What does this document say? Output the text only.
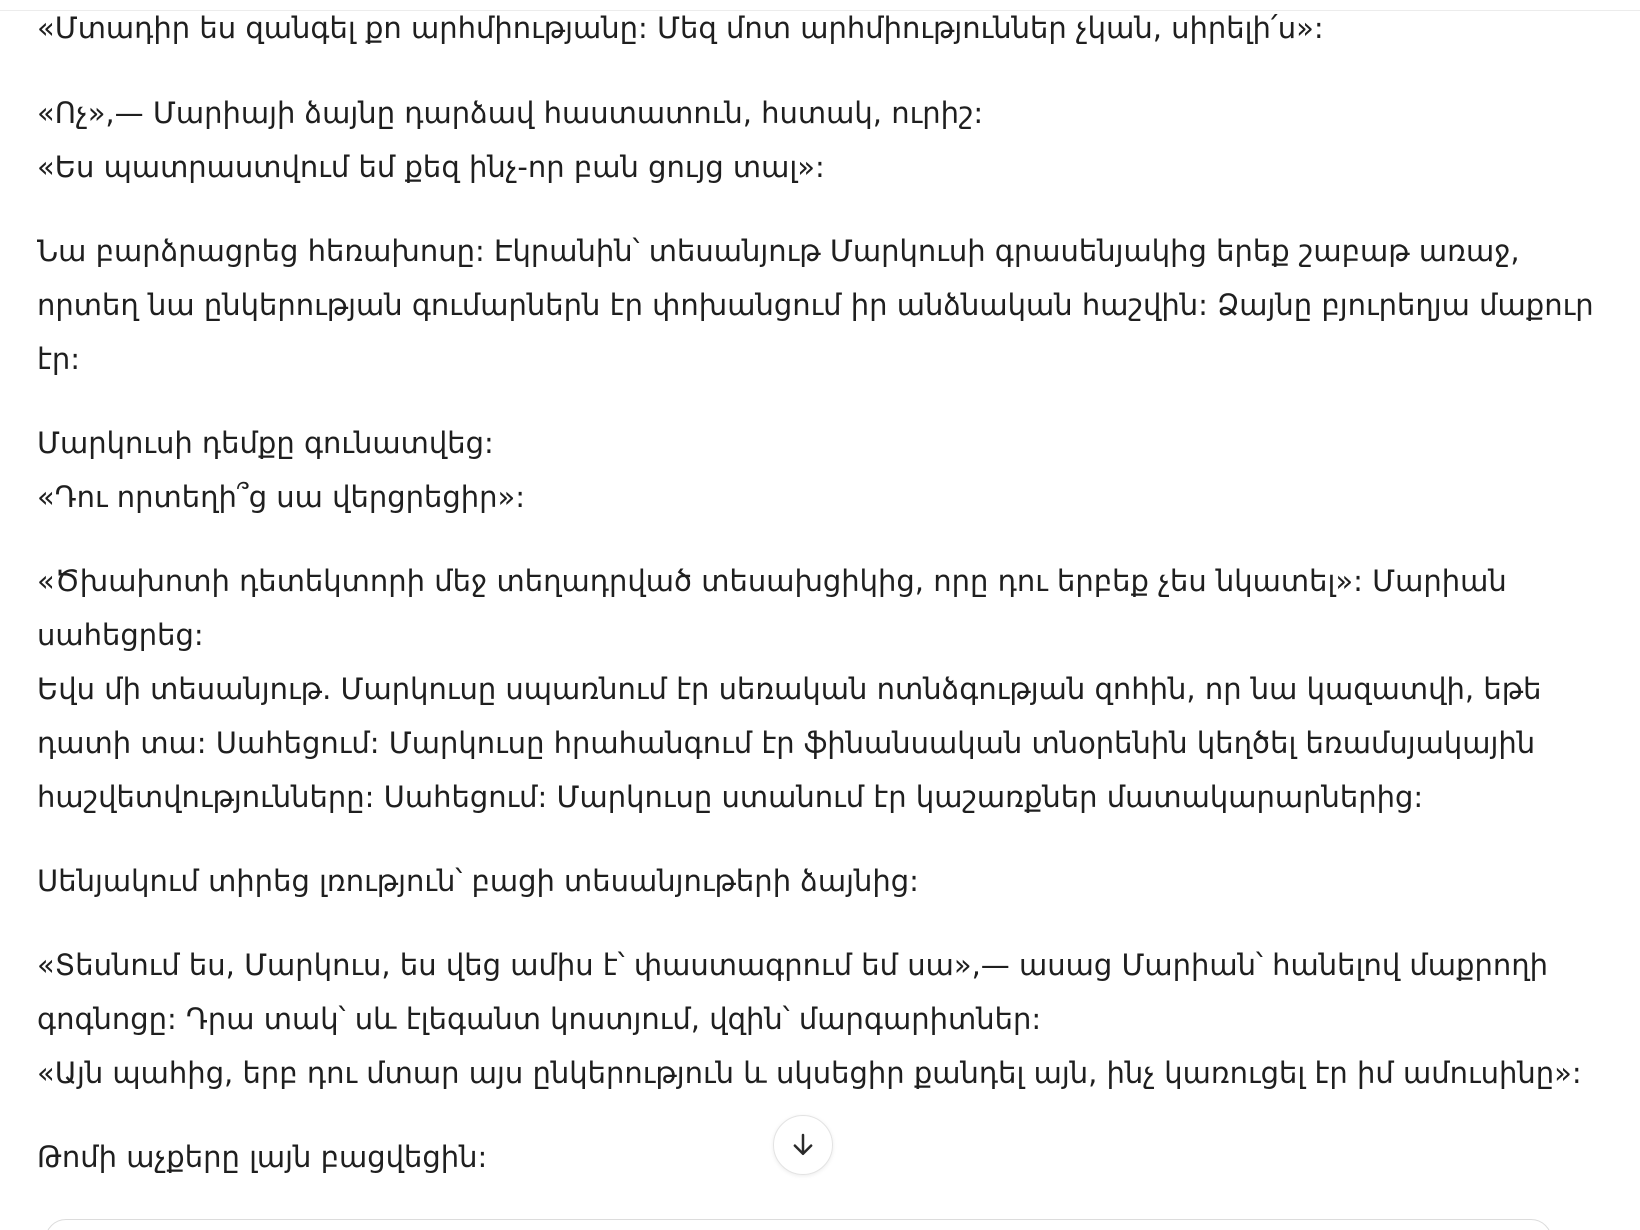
«Մտադիր ես զանգել քո արհմիությանը: Մեզ մոտ արհմիություններ չկան, սիրելի՛ս»:
«Ոչ»,— Մարիայի ձայնը դարձավ հաստատուն, հստակ, ուրիշ:
«Ես պատրաստվում եմ քեզ ինչ-որ բան ցույց տալ»:
Նա բարձրացրեց հեռախոսը: Էկրանին՝ տեսանյութ Մարկուսի գրասենյակից երեք շաբաթ առաջ,
որտեղ նա ընկերության գումարներն էր փոխանցում իր անձնական հաշվին: Ձայնը բյուրեղյա մաքուր
էր:
Մարկուսի դեմքը գունատվեց:
«Դու որտեղի՞ց սա վերցրեցիր»:
«Ծխախոտի դետեկտորի մեջ տեղադրված տեսախցիկից, որը դու երբեք չես նկատել»: Մարիան
սահեցրեց:
Եվս մի տեսանյութ. Մարկուսը սպառնում էր սեռական ոտնձգության զոհին, որ նա կազատվի, եթե
դատի տա: Սահեցում: Մարկուսը հրահանգում էր ֆինանսական տնօրենին կեղծել եռամսյակային
հաշվետվությունները: Սահեցում: Մարկուսը ստանում էր կաշառքներ մատակարարներից:
Սենյակում տիրեց լռություն՝ բացի տեսանյութերի ձայնից:
«Տեսնում ես, Մարկուս, ես վեց ամիս է՝ փաստագրում եմ սա»,— ասաց Մարիան՝ հանելով մաքրողի
գոգնոցը: Դրա տակ՝ սև էլեգանտ կոստյում, վզին՝ մարգարիտներ:
«Այն պահից, երբ դու մտար այս ընկերություն և սկսեցիր քանդել այն, ինչ կառուցել էր իմ ամուսինը»:
Թոմի աչքերը լայն բացվեցին:
